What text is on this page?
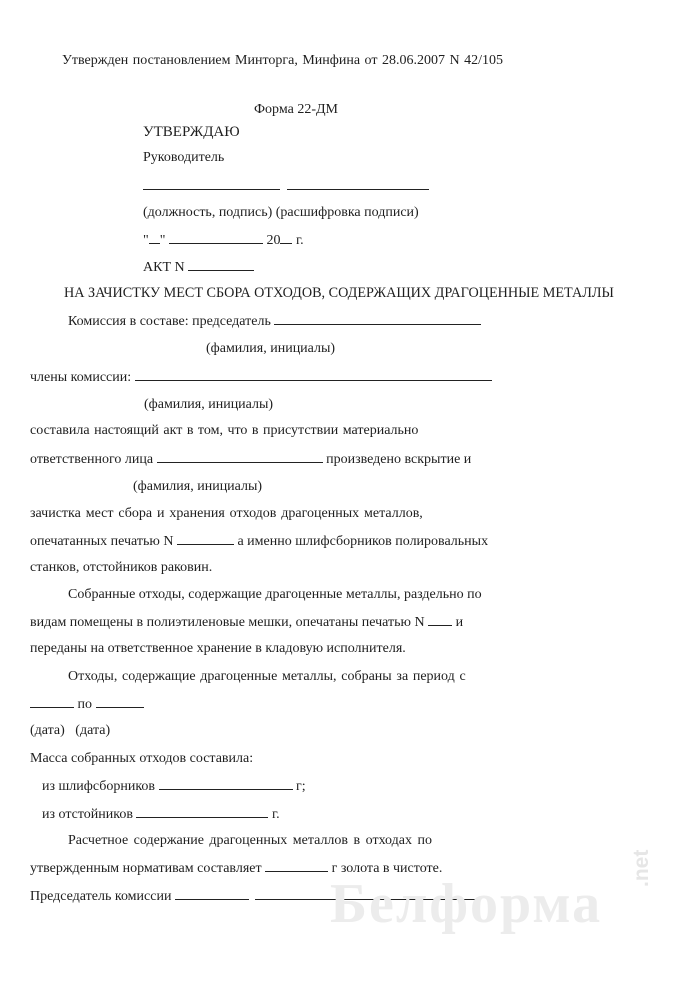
Утвержден постановлением Минторга, Минфина от 28.06.2007 N 42/105
Форма 22-ДМ
УТВЕРЖДАЮ
Руководитель

(должность, подпись) (расшифровка подписи)
" "	20 г.
АКТ N
НА ЗАЧИСТКУ МЕСТ СБОРА ОТХОДОВ, СОДЕРЖАЩИХ ДРАГОЦЕННЫЕ МЕТАЛЛЫ
Комиссия в составе: председатель
(фамилия, инициалы)
члены комиссии:
(фамилия, инициалы)
составила настоящий акт в том, что в присутствии материально
ответственного лица	произведено вскрытие и
(фамилия, инициалы)
зачистка мест сбора и хранения отходов драгоценных металлов,
опечатанных печатью N	а именно шлифсборников полировальных
станков, отстойников раковин.
Собранные отходы, содержащие драгоценные металлы, раздельно по
видам помещены в полиэтиленовые мешки, опечатаны печатью N и
переданы на ответственное хранение в кладовую исполнителя.
Отходы, содержащие драгоценные металлы, собраны за период с
по
(дата)   (дата)
Масса собранных отходов составила:
из шлифсборников	г;
из отстойников	г.
Расчетное содержание драгоценных металлов в отходах по
утвержденным нормативам составляет	г золота в чистоте.
Председатель комиссии	Белформа
.net
